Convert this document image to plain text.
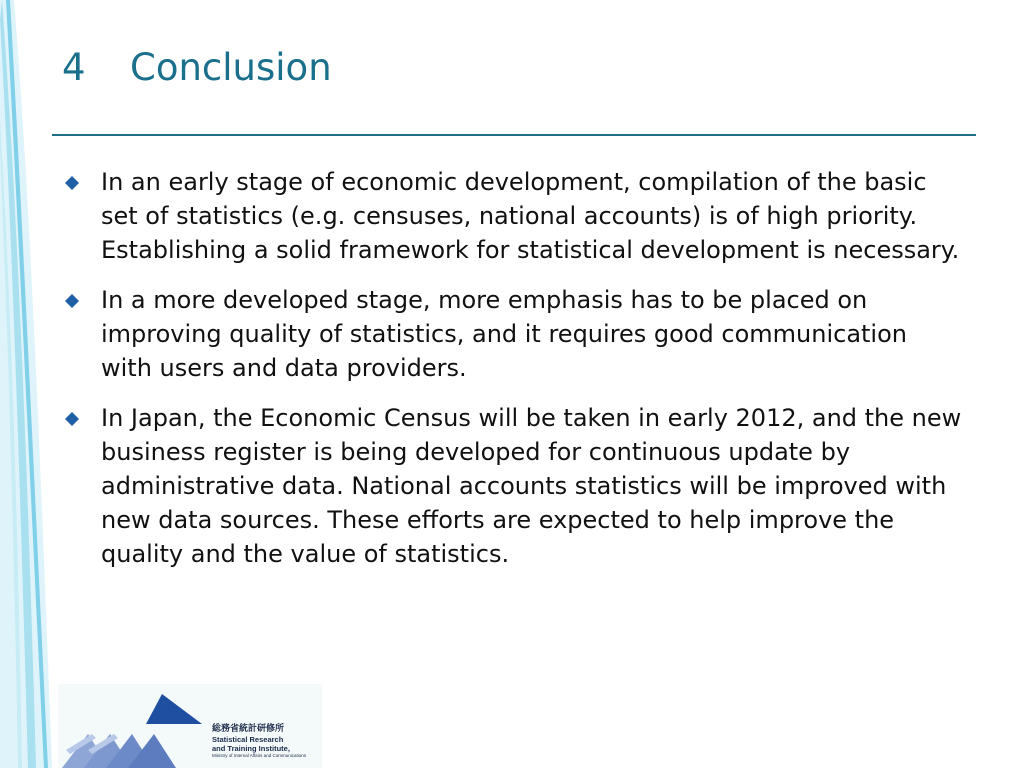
4 Conclusion
In an early stage of economic development, compilation of the basic set of statistics (e.g. censuses, national accounts) is of high priority. Establishing a solid framework for statistical development is necessary.
In a more developed stage, more emphasis has to be placed on improving quality of statistics, and it requires good communication with users and data providers.
In Japan, the Economic Census will be taken in early 2012, and the new business register is being developed for continuous update by administrative data. National accounts statistics will be improved with new data sources. These efforts are expected to help improve the quality and the value of statistics.
総務省統計研修所
Statistical Research
and Training Institute,
Ministry of Internal Affairs and Communications
